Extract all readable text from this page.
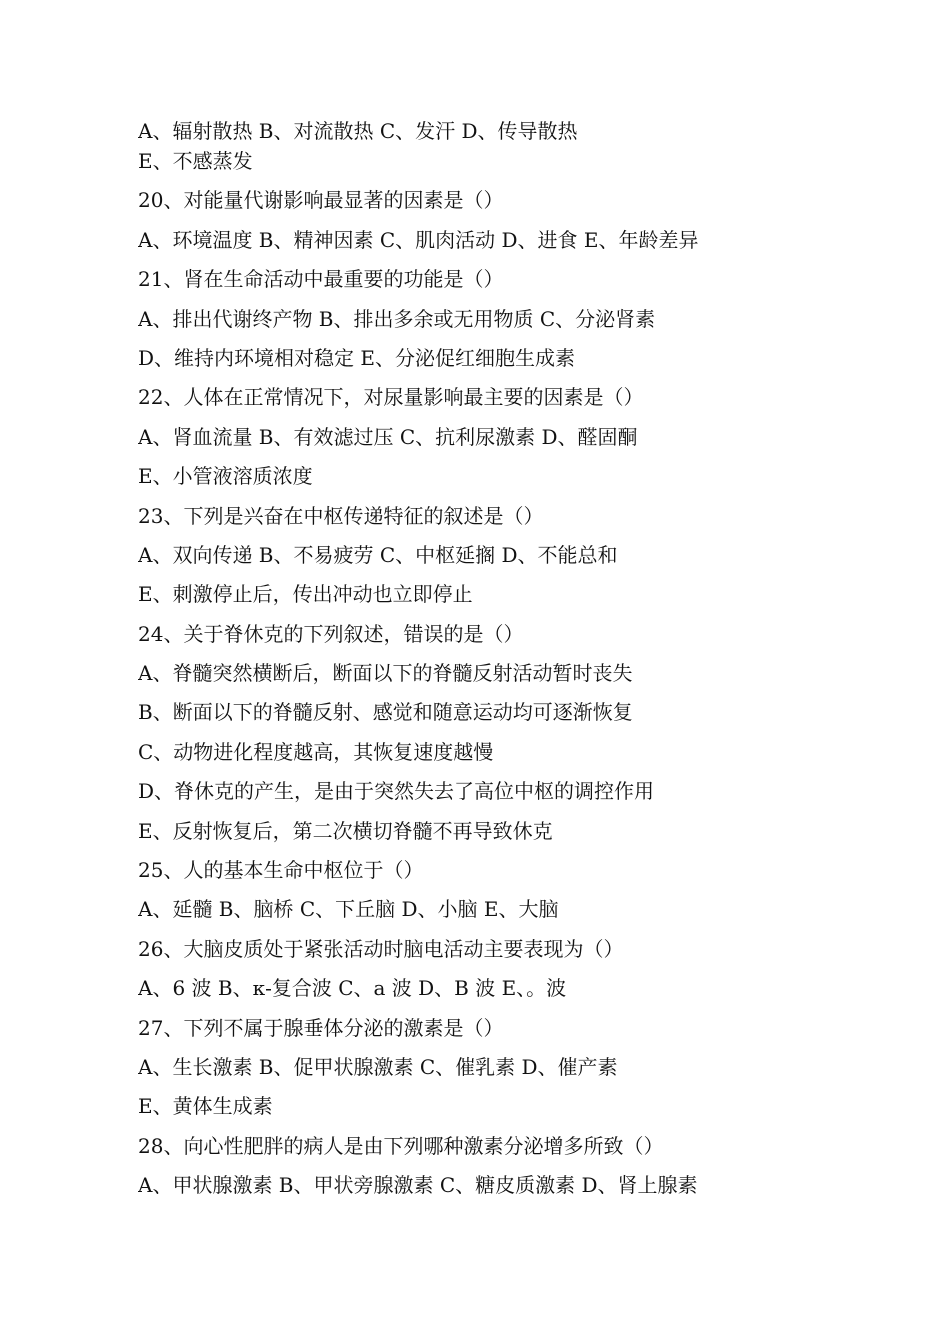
A、辐射散热 B、对流散热 C、发汗 D、传导散热
E、不感蒸发
20、对能量代谢影响最显著的因素是（）
A、环境温度 B、精神因素 C、肌肉活动 D、进食 E、年龄差异
21、肾在生命活动中最重要的功能是（）
A、排出代谢终产物 B、排出多余或无用物质 C、分泌肾素
D、维持内环境相对稳定 E、分泌促红细胞生成素
22、人体在正常情况下，对尿量影响最主要的因素是（）
A、肾血流量 B、有效滤过压 C、抗利尿激素 D、醛固酮
E、小管液溶质浓度
23、下列是兴奋在中枢传递特征的叙述是（）
A、双向传递 B、不易疲劳 C、中枢延搁 D、不能总和
E、刺激停止后，传出冲动也立即停止
24、关于脊休克的下列叙述，错误的是（）
A、脊髓突然横断后，断面以下的脊髓反射活动暂时丧失
B、断面以下的脊髓反射、感觉和随意运动均可逐渐恢复
C、动物进化程度越高，其恢复速度越慢
D、脊休克的产生，是由于突然失去了高位中枢的调控作用
E、反射恢复后，第二次横切脊髓不再导致休克
25、人的基本生命中枢位于（）
A、延髓 B、脑桥 C、下丘脑 D、小脑 E、大脑
26、大脑皮质处于紧张活动时脑电活动主要表现为（）
A、6 波 B、κ-复合波 C、a 波 D、B 波 E、。波
27、下列不属于腺垂体分泌的激素是（）
A、生长激素 B、促甲状腺激素 C、催乳素 D、催产素
E、黄体生成素
28、向心性肥胖的病人是由下列哪种激素分泌增多所致（）
A、甲状腺激素 B、甲状旁腺激素 C、糖皮质激素 D、肾上腺素
